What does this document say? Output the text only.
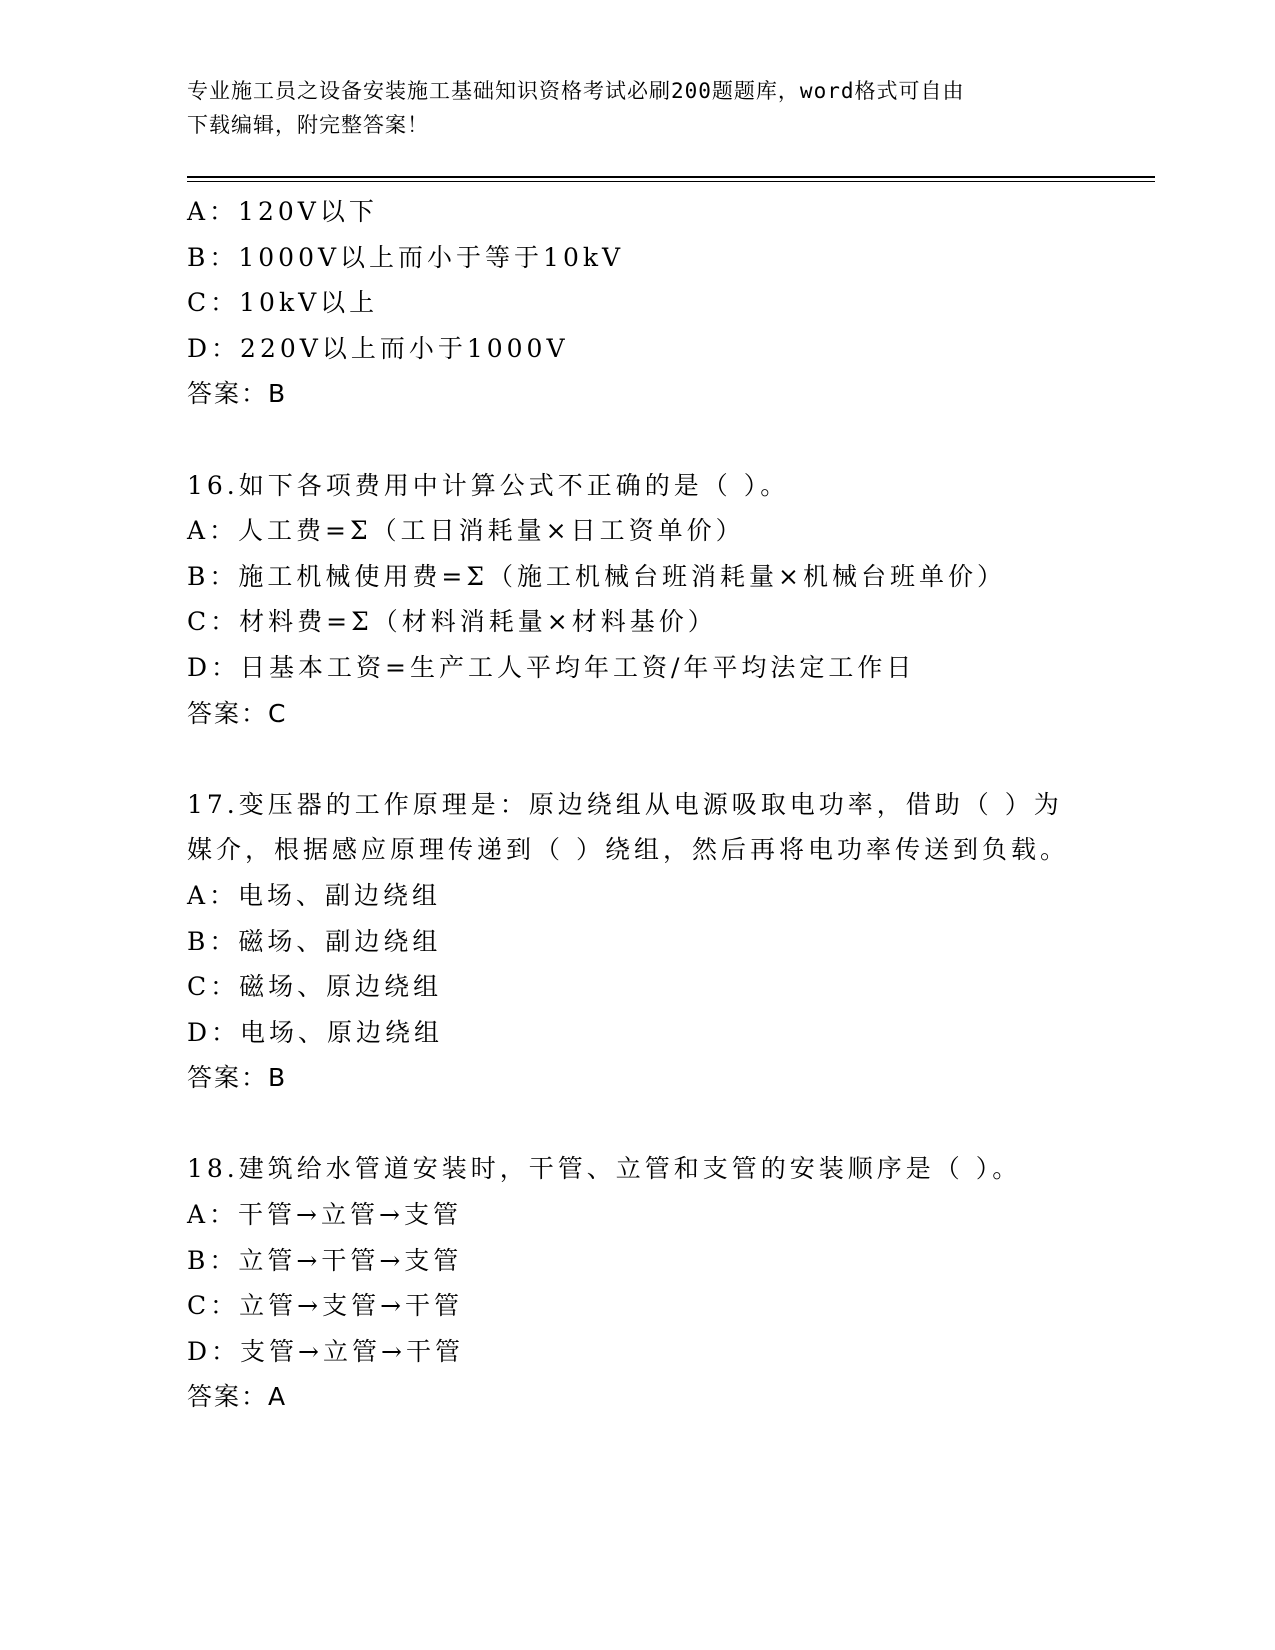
专业施工员之设备安装施工基础知识资格考试必刷200题题库，word格式可自由
下载编辑，附完整答案！
A：120V以下
B：1000V以上而小于等于10kV
C：10kV以上
D：220V以上而小于1000V
答案：B
16.如下各项费用中计算公式不正确的是（ ）。
A：人工费=Σ（工日消耗量×日工资单价）
B：施工机械使用费=Σ（施工机械台班消耗量×机械台班单价）
C：材料费=Σ（材料消耗量×材料基价）
D：日基本工资=生产工人平均年工资/年平均法定工作日
答案：C
17.变压器的工作原理是：原边绕组从电源吸取电功率，借助（ ）为
媒介，根据感应原理传递到（ ）绕组，然后再将电功率传送到负载。
A：电场、副边绕组
B：磁场、副边绕组
C：磁场、原边绕组
D：电场、原边绕组
答案：B
18.建筑给水管道安装时，干管、立管和支管的安装顺序是（ ）。
A：干管→立管→支管
B：立管→干管→支管
C：立管→支管→干管
D：支管→立管→干管
答案：A
